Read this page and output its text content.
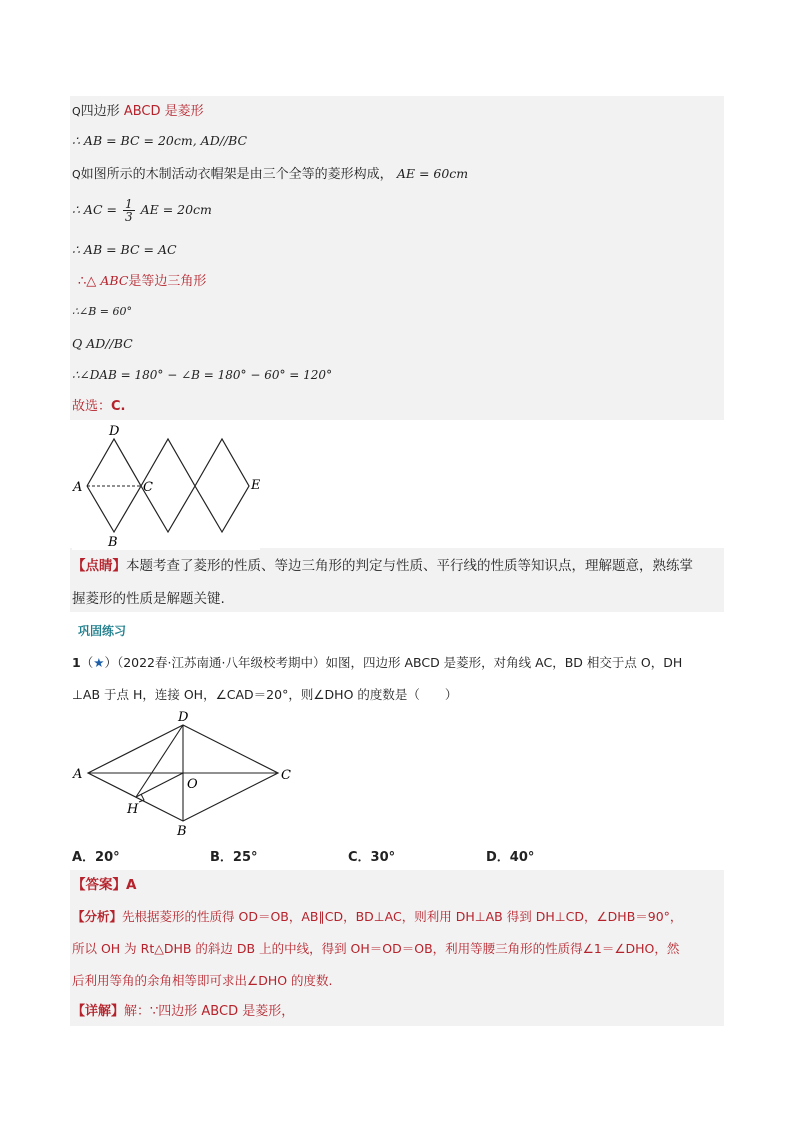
Q四边形 ABCD 是菱形
∴ AB = BC = 20cm, AD//BC
Q如图所示的木制活动衣帽架是由三个全等的菱形构成， AE = 60cm
∴ AC = $\frac{1}{3}$ AE = 20cm
∴ AB = BC = AC
∴△ ABC是等边三角形
∴∠B = 60°
Q AD//BC
∴∠DAB = 180° − ∠B = 180° − 60° = 120°
故选：C.
D
A	C	E
B
【点睛】本题考查了菱形的性质、等边三角形的判定与性质、平行线的性质等知识点，理解题意，熟练掌
握菱形的性质是解题关键.
巩固练习
1（★）（2022春·江苏南通·八年级校考期中）如图，四边形 ABCD 是菱形，对角线 AC，BD 相交于点 O，DH
⊥AB 于点 H，连接 OH，∠CAD＝20°，则∠DHO 的度数是（　　）
D
A	C
O
H
B
A．20°	B．25°	C．30°	D．40°
【答案】A
【分析】先根据菱形的性质得 OD＝OB，AB∥CD，BD⊥AC，则利用 DH⊥AB 得到 DH⊥CD，∠DHB＝90°，
所以 OH 为 Rt△DHB 的斜边 DB 上的中线，得到 OH＝OD＝OB，利用等腰三角形的性质得∠1＝∠DHO，然
后利用等角的余角相等即可求出∠DHO 的度数.
【详解】解：∵四边形 ABCD 是菱形，
